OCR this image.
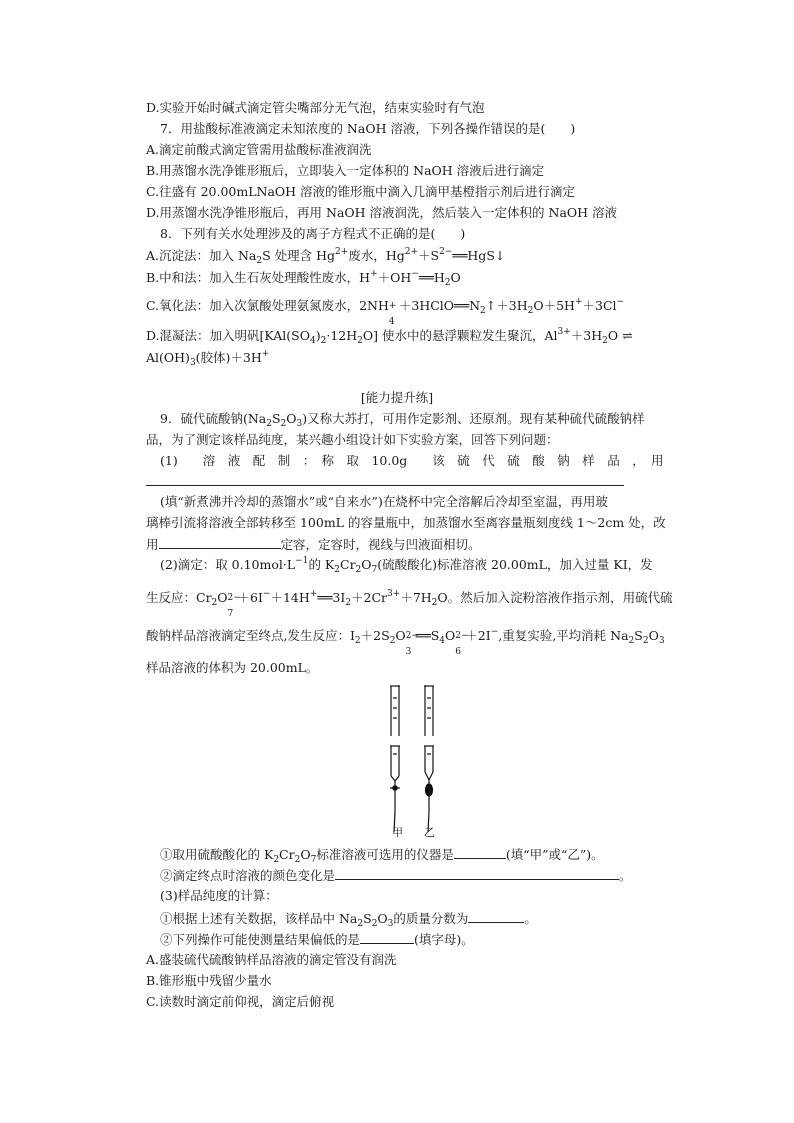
D.实验开始时碱式滴定管尖嘴部分无气泡，结束实验时有气泡
7．用盐酸标准液滴定未知浓度的 NaOH 溶液，下列各操作错误的是(　　)
A.滴定前酸式滴定管需用盐酸标准液润洗
B.用蒸馏水洗净锥形瓶后，立即装入一定体积的 NaOH 溶液后进行滴定
C.往盛有 20.00mLNaOH 溶液的锥形瓶中滴入几滴甲基橙指示剂后进行滴定
D.用蒸馏水洗净锥形瓶后，再用 NaOH 溶液润洗，然后装入一定体积的 NaOH 溶液
8．下列有关水处理涉及的离子方程式不正确的是(　　)
A.沉淀法：加入 $Na_2S$ 处理含 $Hg^{2+}$废水，$Hg^{2+}+S^{2-}══HgS↓$
B.中和法：加入生石灰处理酸性废水，$H^++OH^-══H_2O$
C.氧化法：加入次氯酸处理氨氮废水，2NH +
4
$+3HClO══N_2↑+3H_2O+5H^++3Cl^-$
D.混凝法：加入明矾$[KAl(SO_4)_2\cdot 12H_2O]$ 使水中的悬浮颗粒发生聚沉，$Al^{3+}+3H_2O$ ⇌
$Al(OH)_3$(胶体)＋3H+
[能力提升练]
9．硫代硫酸钠$(Na_2S_2O_3)$又称大苏打，可用作定影剂、还原剂。现有某种硫代硫酸钠样
品，为了测定该样品纯度，某兴趣小组设计如下实验方案，回答下列问题：
(1)　　溶　液　配　制　：　称　取　10.0g　　该　硫　代　硫　酸　钠　样　品　，　用
(填“新煮沸并冷却的蒸馏水”或“自来水”)在烧杯中完全溶解后冷却至室温，再用玻
璃棒引流将溶液全部转移至 100mL 的容量瓶中，加蒸馏水至离容量瓶刻度线 1～2cm 处，改
用	定容，定容时，视线与凹液面相切。
(2)滴定：取 $0.10mol\cdot L^{-1}$的 $K_2Cr_2O_7$(硫酸酸化)标准溶液 20.00mL，加入过量 KI，发
生反应：$Cr_2O$ 2−
7
$+6I^-+14H^+══3I_2+2Cr^{3+}+7H_2O$。然后加入淀粉溶液作指示剂，用硫代硫
酸钠样品溶液滴定至终点,发生反应：$I_2+2S_2O$ 2−
3
$══S_4O$ 2−
6
＋2I−,重复实验,平均消耗 $Na_2S_2O_3$
样品溶液的体积为 20.00mL。
甲 乙
①取用硫酸酸化的 $K_2Cr_2O_7$标准溶液可选用的仪器是	(填“甲”或“乙”)。
②滴定终点时溶液的颜色变化是	。
(3)样品纯度的计算：
①根据上述有关数据，该样品中 $Na_2S_2O_3$的质量分数为	。
②下列操作可能使测量结果偏低的是	(填字母)。
A.盛装硫代硫酸钠样品溶液的滴定管没有润洗
B.锥形瓶中残留少量水
C.读数时滴定前仰视，滴定后俯视
